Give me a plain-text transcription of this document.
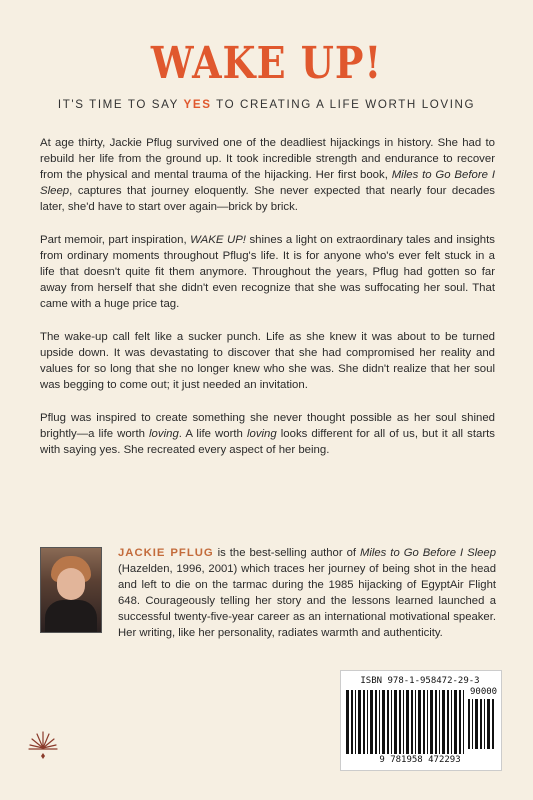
WAKE UP!
IT'S TIME TO SAY YES TO CREATING A LIFE WORTH LOVING

At age thirty, Jackie Pflug survived one of the deadliest hijackings in history. She had to rebuild her life from the ground up. It took incredible strength and endurance to recover from the physical and mental trauma of the hijacking. Her first book, Miles to Go Before I Sleep, captures that journey eloquently. She never expected that nearly four decades later, she'd have to start over again—brick by brick.

Part memoir, part inspiration, WAKE UP! shines a light on extraordinary tales and insights from ordinary moments throughout Pflug's life. It is for anyone who's ever felt stuck in a life that doesn't quite fit them anymore. Throughout the years, Pflug had gotten so far away from herself that she didn't even recognize that she was suffocating her soul. That came with a huge price tag.

The wake-up call felt like a sucker punch. Life as she knew it was about to be turned upside down. It was devastating to discover that she had compromised her reality and values for so long that she no longer knew who she was. She didn't realize that her soul was begging to come out; it just needed an invitation.

Pflug was inspired to create something she never thought possible as her soul shined brightly—a life worth loving. A life worth loving looks different for all of us, but it all starts with saying yes. She recreated every aspect of her being.

JACKIE PFLUG is the best-selling author of Miles to Go Before I Sleep (Hazelden, 1996, 2001) which traces her journey of being shot in the head and left to die on the tarmac during the 1985 hijacking of EgyptAir Flight 648. Courageously telling her story and the lessons learned launched a successful twenty-five-year career as an international motivational speaker. Her writing, like her personality, radiates warmth and authenticity.
ISBN 978-1-958472-29-3
90000
9 781958 472293
